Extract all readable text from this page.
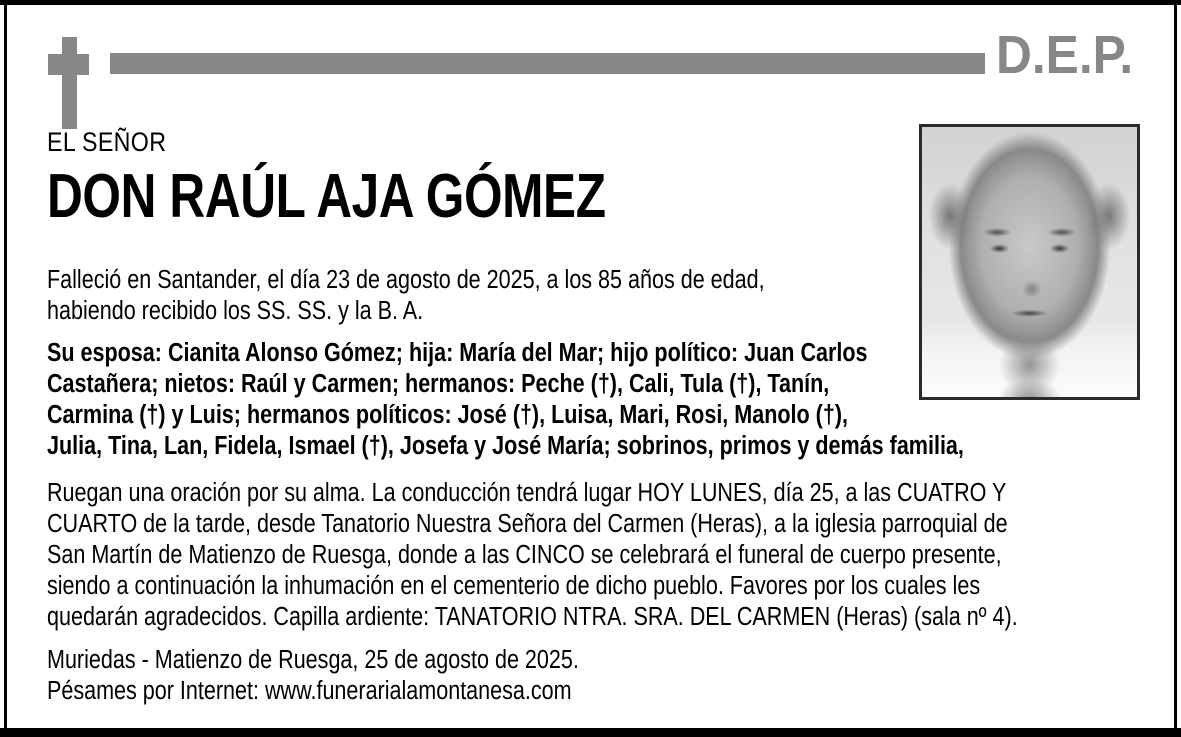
D.E.P.
EL SEÑOR
DON RAÚL AJA GÓMEZ
Falleció en Santander, el día 23 de agosto de 2025, a los 85 años de edad,
habiendo recibido los SS. SS. y la B. A.
Su esposa: Cianita Alonso Gómez; hija: María del Mar; hijo político: Juan Carlos
Castañera; nietos: Raúl y Carmen; hermanos: Peche (†), Cali, Tula (†), Tanín,
Carmina (†) y Luis; hermanos políticos: José (†), Luisa, Mari, Rosi, Manolo (†),
Julia, Tina, Lan, Fidela, Ismael (†), Josefa y José María; sobrinos, primos y demás familia,
Ruegan una oración por su alma. La conducción tendrá lugar HOY LUNES, día 25, a las CUATRO Y
CUARTO de la tarde, desde Tanatorio Nuestra Señora del Carmen (Heras), a la iglesia parroquial de
San Martín de Matienzo de Ruesga, donde a las CINCO se celebrará el funeral de cuerpo presente,
siendo a continuación la inhumación en el cementerio de dicho pueblo. Favores por los cuales les
quedarán agradecidos. Capilla ardiente: TANATORIO NTRA. SRA. DEL CARMEN (Heras) (sala nº 4).
Muriedas - Matienzo de Ruesga, 25 de agosto de 2025.
Pésames por Internet: www.funerarialamontanesa.com
